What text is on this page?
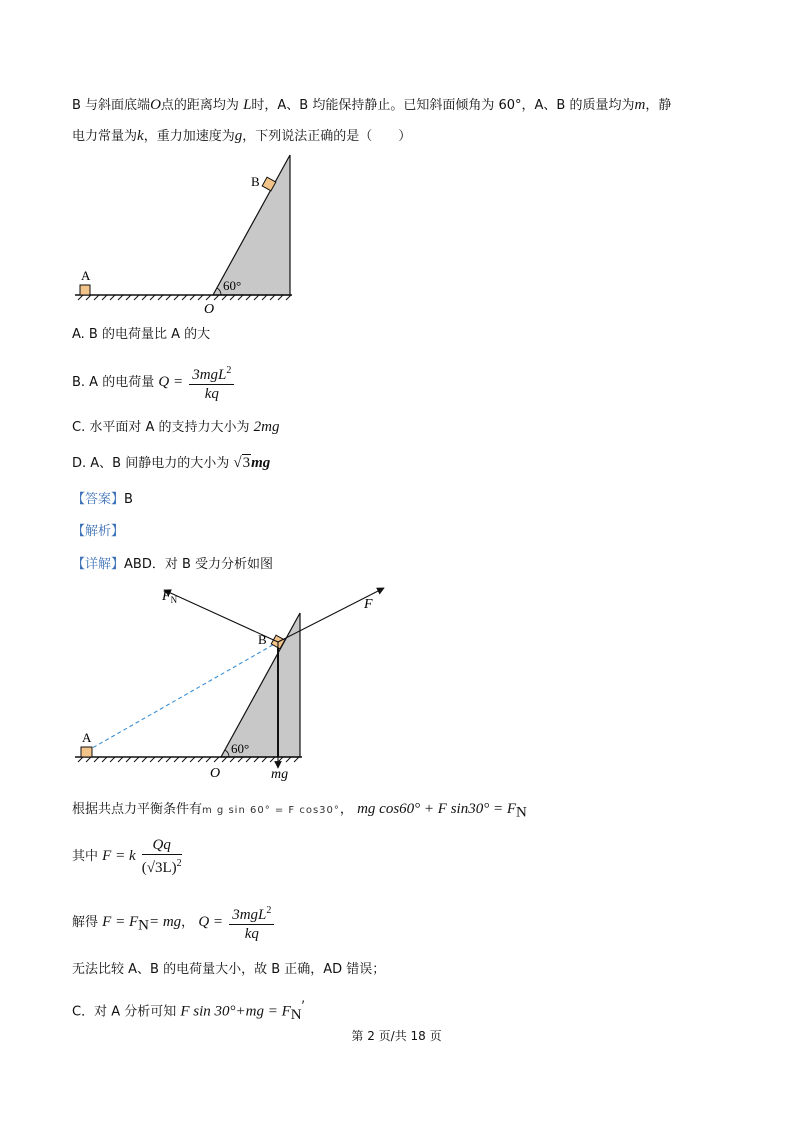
B 与斜面底端O点的距离均为 L时，A、B 均能保持静止。已知斜面倾角为 60°，A、B 的质量均为m，静
电力常量为k，重力加速度为g，下列说法正确的是（　　）
A
B
60°
O
A. B 的电荷量比 A 的大
B. A 的电荷量 $Q = \frac{3mgL^2}{kq}$
C. 水平面对 A 的支持力大小为 2mg
D. A、B 间静电力的大小为 √3mg
【答案】B
【解析】
【详解】ABD．对 B 受力分析如图
A
B
$F_N$	F
mg
60°
O
根据共点力平衡条件有m g sin 60° = F cos30°， mg cos60° + F $\sin 30^\circ = F_N$
其中 F = k $\frac{Qq}{(√3L)^2}$
解得 $F = F_N=$ mg， $Q = \frac{3mgL^2}{kq}$
无法比较 A、B 的电荷量大小，故 B 正确，AD 错误；
C．对 A 分析可知 F $\sin 30^\circ+mg = F_N'$
第 2 页/共 18 页
